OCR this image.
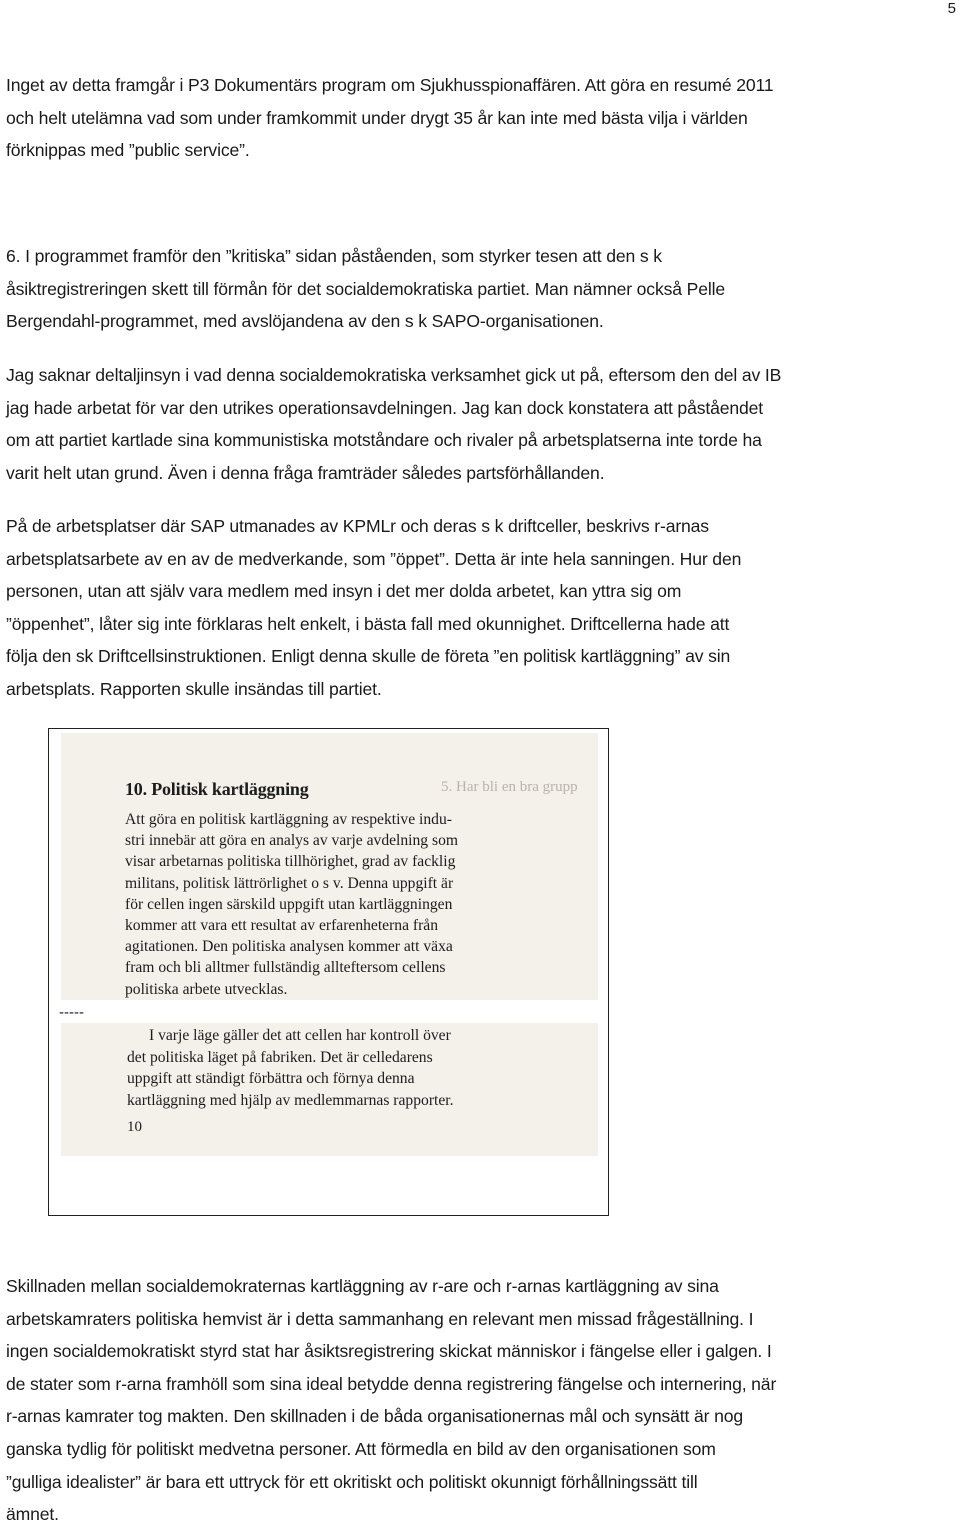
5

Inget av detta framgår i P3 Dokumentärs program om Sjukhusspionaffären. Att göra en resumé 2011
och helt utelämna vad som under framkommit under drygt 35 år kan inte med bästa vilja i världen
förknippas med ”public service”.

6. I programmet framför den ”kritiska” sidan påståenden, som styrker tesen att den s k
åsiktregistreringen skett till förmån för det socialdemokratiska partiet. Man nämner också Pelle
Bergendahl-programmet, med avslöjandena av den s k SAPO-organisationen.

Jag saknar deltaljinsyn i vad denna socialdemokratiska verksamhet gick ut på, eftersom den del av IB
jag hade arbetat för var den utrikes operationsavdelningen. Jag kan dock konstatera att påståendet
om att partiet kartlade sina kommunistiska motståndare och rivaler på arbetsplatserna inte torde ha
varit helt utan grund. Även i denna fråga framträder således partsförhållanden.

På de arbetsplatser där SAP utmanades av KPMLr och deras s k driftceller, beskrivs r-arnas
arbetsplatsarbete av en av de medverkande, som ”öppet”. Detta är inte hela sanningen. Hur den
personen, utan att själv vara medlem med insyn i det mer dolda arbetet, kan yttra sig om
”öppenhet”, låter sig inte förklaras helt enkelt, i bästa fall med okunnighet. Driftcellerna hade att
följa den sk Driftcellsinstruktionen. Enligt denna skulle de företa ”en politisk kartläggning” av sin
arbetsplats. Rapporten skulle insändas till partiet.

5. Har bli en bra grupp
10. Politisk kartläggning
Att göra en politisk kartläggning av respektive indu-
stri innebär att göra en analys av varje avdelning som
visar arbetarnas politiska tillhörighet, grad av facklig
militans, politisk lättrörlighet o s v. Denna uppgift är
för cellen ingen särskild uppgift utan kartläggningen
kommer att vara ett resultat av erfarenheterna från
agitationen. Den politiska analysen kommer att växa
fram och bli alltmer fullständig allteftersom cellens
politiska arbete utvecklas.
-----
I varje läge gäller det att cellen har kontroll över
det politiska läget på fabriken. Det är celledarens
uppgift att ständigt förbättra och förnya denna
kartläggning med hjälp av medlemmarnas rapporter.
10

Skillnaden mellan socialdemokraternas kartläggning av r-are och r-arnas kartläggning av sina
arbetskamraters politiska hemvist är i detta sammanhang en relevant men missad frågeställning. I
ingen socialdemokratiskt styrd stat har åsiktsregistrering skickat människor i fängelse eller i galgen. I
de stater som r-arna framhöll som sina ideal betydde denna registrering fängelse och internering, när
r-arnas kamrater tog makten. Den skillnaden i de båda organisationernas mål och synsätt är nog
ganska tydlig för politiskt medvetna personer. Att förmedla en bild av den organisationen som
”gulliga idealister” är bara ett uttryck för ett okritiskt och politiskt okunnigt förhållningssätt till
ämnet.
